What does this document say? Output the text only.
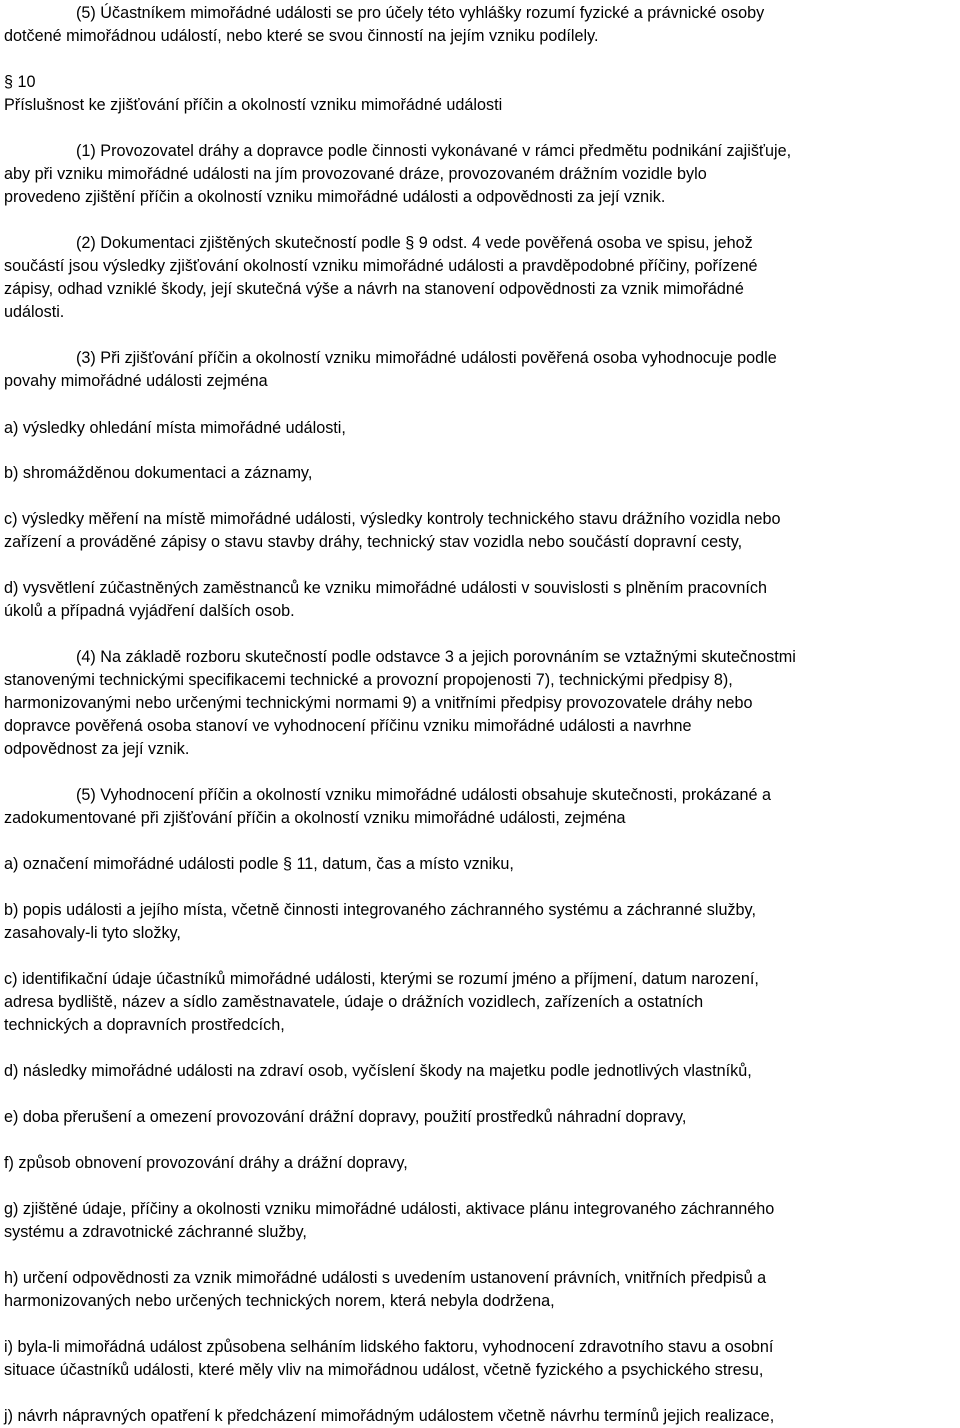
(5) Účastníkem mimořádné události se pro účely této vyhlášky rozumí fyzické a právnické osoby
dotčené mimořádnou událostí, nebo které se svou činností na jejím vzniku podílely.

§ 10
Příslušnost ke zjišťování příčin a okolností vzniku mimořádné události

(1) Provozovatel dráhy a dopravce podle činnosti vykonávané v rámci předmětu podnikání zajišťuje,
aby při vzniku mimořádné události na jím provozované dráze, provozovaném drážním vozidle bylo
provedeno zjištění příčin a okolností vzniku mimořádné události a odpovědnosti za její vznik.

(2) Dokumentaci zjištěných skutečností podle § 9 odst. 4 vede pověřená osoba ve spisu, jehož
součástí jsou výsledky zjišťování okolností vzniku mimořádné události a pravděpodobné příčiny, pořízené
zápisy, odhad vzniklé škody, její skutečná výše a návrh na stanovení odpovědnosti za vznik mimořádné
události.

(3) Při zjišťování příčin a okolností vzniku mimořádné události pověřená osoba vyhodnocuje podle
povahy mimořádné události zejména

a) výsledky ohledání místa mimořádné události,

b) shromážděnou dokumentaci a záznamy,

c) výsledky měření na místě mimořádné události, výsledky kontroly technického stavu drážního vozidla nebo
zařízení a prováděné zápisy o stavu stavby dráhy, technický stav vozidla nebo součástí dopravní cesty,

d) vysvětlení zúčastněných zaměstnanců ke vzniku mimořádné události v souvislosti s plněním pracovních
úkolů a případná vyjádření dalších osob.

(4) Na základě rozboru skutečností podle odstavce 3 a jejich porovnáním se vztažnými skutečnostmi
stanovenými technickými specifikacemi technické a provozní propojenosti 7), technickými předpisy 8),
harmonizovanými nebo určenými technickými normami 9) a vnitřními předpisy provozovatele dráhy nebo
dopravce pověřená osoba stanoví ve vyhodnocení příčinu vzniku mimořádné události a navrhne
odpovědnost za její vznik.

(5) Vyhodnocení příčin a okolností vzniku mimořádné události obsahuje skutečnosti, prokázané a
zadokumentované při zjišťování příčin a okolností vzniku mimořádné události, zejména

a) označení mimořádné události podle § 11, datum, čas a místo vzniku,

b) popis události a jejího místa, včetně činnosti integrovaného záchranného systému a záchranné služby,
zasahovaly-li tyto složky,

c) identifikační údaje účastníků mimořádné události, kterými se rozumí jméno a příjmení, datum narození,
adresa bydliště, název a sídlo zaměstnavatele, údaje o drážních vozidlech, zařízeních a ostatních
technických a dopravních prostředcích,

d) následky mimořádné události na zdraví osob, vyčíslení škody na majetku podle jednotlivých vlastníků,

e) doba přerušení a omezení provozování drážní dopravy, použití prostředků náhradní dopravy,

f) způsob obnovení provozování dráhy a drážní dopravy,

g) zjištěné údaje, příčiny a okolnosti vzniku mimořádné události, aktivace plánu integrovaného záchranného
systému a zdravotnické záchranné služby,

h) určení odpovědnosti za vznik mimořádné události s uvedením ustanovení právních, vnitřních předpisů a
harmonizovaných nebo určených technických norem, která nebyla dodržena,

i) byla-li mimořádná událost způsobena selháním lidského faktoru, vyhodnocení zdravotního stavu a osobní
situace účastníků události, které měly vliv na mimořádnou událost, včetně fyzického a psychického stresu,

j) návrh nápravných opatření k předcházení mimořádným událostem včetně návrhu termínů jejich realizace,
